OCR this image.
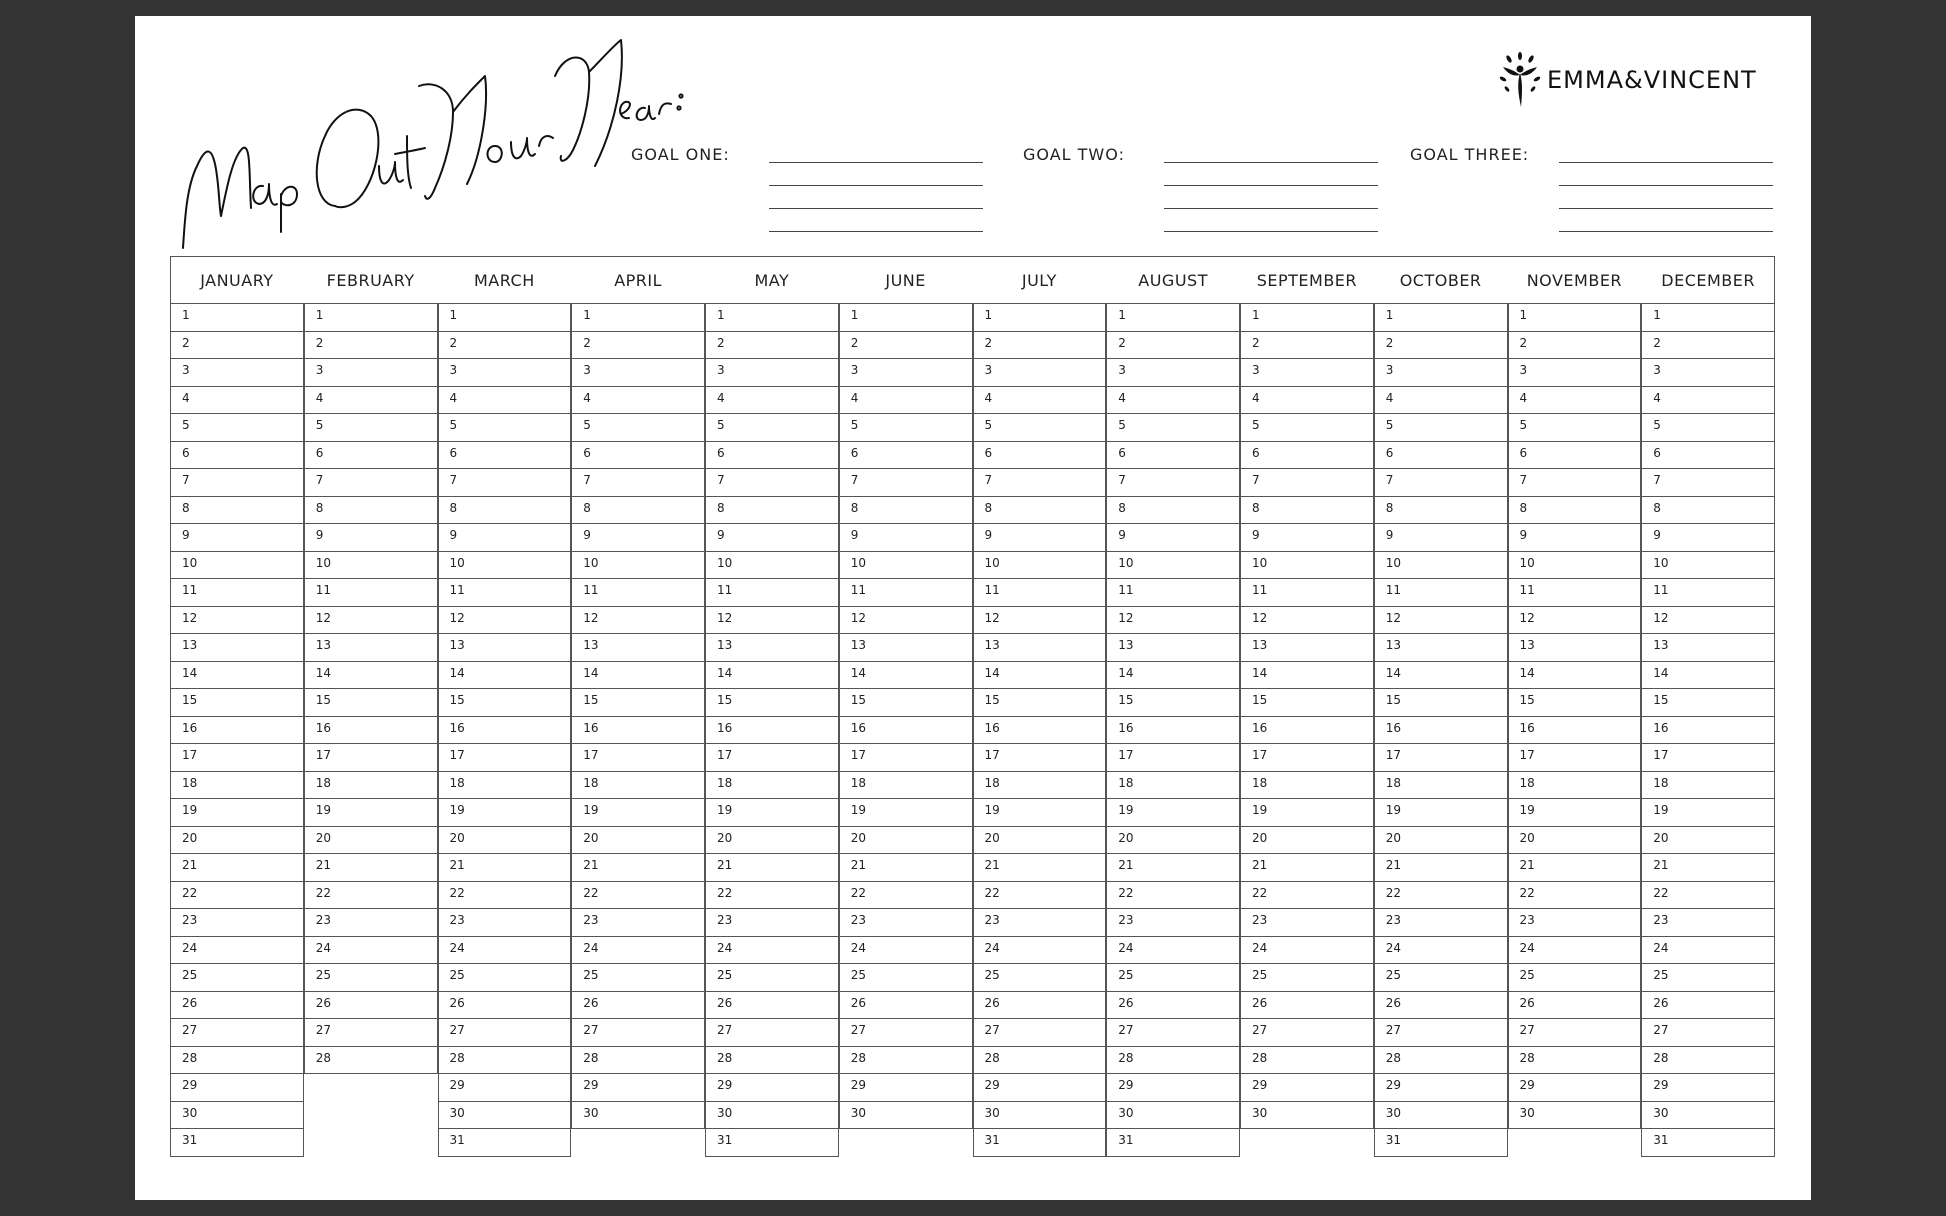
Map Out Your Year:
EMMA&VINCENT
GOAL ONE:	GOAL TWO:	GOAL THREE:
JANUARY
1
2
3
4
5
6
7
8
9
10
11
12
13
14
15
16
17
18
19
20
21
22
23
24
25
26
27
28
29
30
31
FEBRUARY
1
2
3
4
5
6
7
8
9
10
11
12
13
14
15
16
17
18
19
20
21
22
23
24
25
26
27
28
MARCH
1
2
3
4
5
6
7
8
9
10
11
12
13
14
15
16
17
18
19
20
21
22
23
24
25
26
27
28
29
30
31
APRIL
1
2
3
4
5
6
7
8
9
10
11
12
13
14
15
16
17
18
19
20
21
22
23
24
25
26
27
28
29
30
MAY
1
2
3
4
5
6
7
8
9
10
11
12
13
14
15
16
17
18
19
20
21
22
23
24
25
26
27
28
29
30
31
JUNE
1
2
3
4
5
6
7
8
9
10
11
12
13
14
15
16
17
18
19
20
21
22
23
24
25
26
27
28
29
30
JULY
1
2
3
4
5
6
7
8
9
10
11
12
13
14
15
16
17
18
19
20
21
22
23
24
25
26
27
28
29
30
31
AUGUST
1
2
3
4
5
6
7
8
9
10
11
12
13
14
15
16
17
18
19
20
21
22
23
24
25
26
27
28
29
30
31
SEPTEMBER
1
2
3
4
5
6
7
8
9
10
11
12
13
14
15
16
17
18
19
20
21
22
23
24
25
26
27
28
29
30
OCTOBER
1
2
3
4
5
6
7
8
9
10
11
12
13
14
15
16
17
18
19
20
21
22
23
24
25
26
27
28
29
30
31
NOVEMBER
1
2
3
4
5
6
7
8
9
10
11
12
13
14
15
16
17
18
19
20
21
22
23
24
25
26
27
28
29
30
DECEMBER
1
2
3
4
5
6
7
8
9
10
11
12
13
14
15
16
17
18
19
20
21
22
23
24
25
26
27
28
29
30
31
